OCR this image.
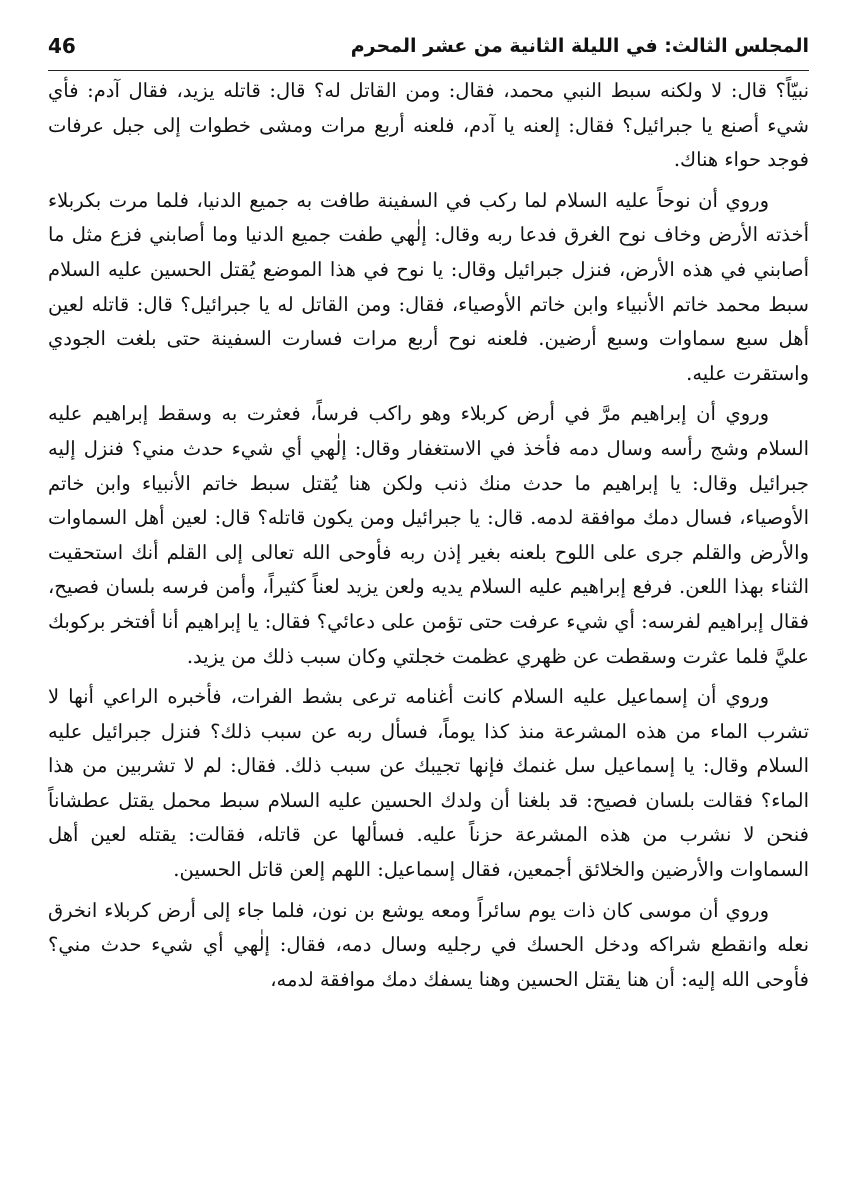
المجلس الثالث: في الليلة الثانية من عشر المحرم
46

نبيّاً؟ قال: لا ولكنه سبط النبي محمد، فقال: ومن القاتل له؟ قال: قاتله يزيد، فقال آدم: فأي شيء أصنع يا جبرائيل؟ فقال: إلعنه يا آدم، فلعنه أربع مرات ومشى خطوات إلى جبل عرفات فوجد حواء هناك.

وروي أن نوحاً عليه السلام لما ركب في السفينة طافت به جميع الدنيا، فلما مرت بكربلاء أخذته الأرض وخاف نوح الغرق فدعا ربه وقال: إلٰهي طفت جميع الدنيا وما أصابني فزع مثل ما أصابني في هذه الأرض، فنزل جبرائيل وقال: يا نوح في هذا الموضع يُقتل الحسين عليه السلام سبط محمد خاتم الأنبياء وابن خاتم الأوصياء، فقال: ومن القاتل له يا جبرائيل؟ قال: قاتله لعين أهل سبع سماوات وسبع أرضين. فلعنه نوح أربع مرات فسارت السفينة حتى بلغت الجودي واستقرت عليه.

وروي أن إبراهيم مرَّ في أرض كربلاء وهو راكب فرساً، فعثرت به وسقط إبراهيم عليه السلام وشج رأسه وسال دمه فأخذ في الاستغفار وقال: إلٰهي أي شيء حدث مني؟ فنزل إليه جبرائيل وقال: يا إبراهيم ما حدث منك ذنب ولكن هنا يُقتل سبط خاتم الأنبياء وابن خاتم الأوصياء، فسال دمك موافقة لدمه. قال: يا جبرائيل ومن يكون قاتله؟ قال: لعين أهل السماوات والأرض والقلم جرى على اللوح بلعنه بغير إذن ربه فأوحى الله تعالى إلى القلم أنك استحقيت الثناء بهذا اللعن. فرفع إبراهيم عليه السلام يديه ولعن يزيد لعناً كثيراً، وأمن فرسه بلسان فصيح، فقال إبراهيم لفرسه: أي شيء عرفت حتى تؤمن على دعائي؟ فقال: يا إبراهيم أنا أفتخر بركوبك عليَّ فلما عثرت وسقطت عن ظهري عظمت خجلتي وكان سبب ذلك من يزيد.

وروي أن إسماعيل عليه السلام كانت أغنامه ترعى بشط الفرات، فأخبره الراعي أنها لا تشرب الماء من هذه المشرعة منذ كذا يوماً، فسأل ربه عن سبب ذلك؟ فنزل جبرائيل عليه السلام وقال: يا إسماعيل سل غنمك فإنها تجيبك عن سبب ذلك. فقال: لم لا تشربين من هذا الماء؟ فقالت بلسان فصيح: قد بلغنا أن ولدك الحسين عليه السلام سبط محمل يقتل عطشاناً فنحن لا نشرب من هذه المشرعة حزناً عليه. فسألها عن قاتله، فقالت: يقتله لعين أهل السماوات والأرضين والخلائق أجمعين، فقال إسماعيل: اللهم إلعن قاتل الحسين.

وروي أن موسى كان ذات يوم سائراً ومعه يوشع بن نون، فلما جاء إلى أرض كربلاء انخرق نعله وانقطع شراكه ودخل الحسك في رجليه وسال دمه، فقال: إلٰهي أي شيء حدث مني؟ فأوحى الله إليه: أن هنا يقتل الحسين وهنا يسفك دمك موافقة لدمه،
